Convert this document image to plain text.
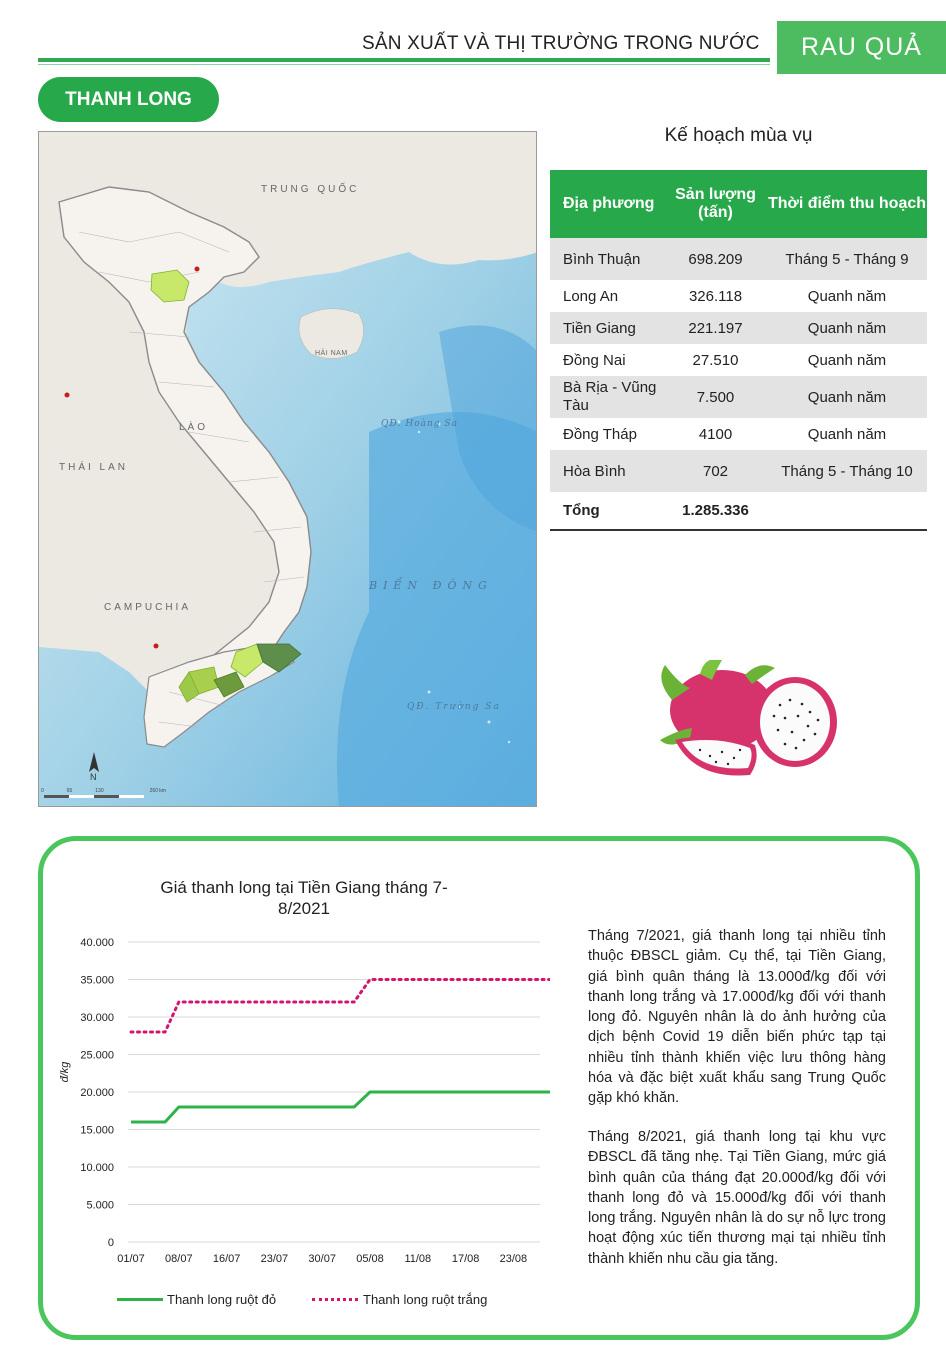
SẢN XUẤT VÀ THỊ TRƯỜNG TRONG NƯỚC	RAU QUẢ
THANH LONG
TRUNG QUỐC
HẢI NAM
THÁI LAN
LÀO
CAMPUCHIA
QĐ. Hoàng Sa
BIỂN ĐÔNG
QĐ. Trường Sa
N
0	65	130	260 km
Kế hoạch mùa vụ
Địa phương	Sản lượng (tấn)	Thời điểm thu hoạch
Bình Thuận	698.209	Tháng 5 - Tháng 9
Long An	326.118	Quanh năm
Tiền Giang	221.197	Quanh năm
Đồng Nai	27.510	Quanh năm
Bà Rịa - Vũng Tàu	7.500	Quanh năm
Đồng Tháp	4100	Quanh năm
Hòa Bình	702	Tháng 5 - Tháng 10
Tổng	1.285.336	
Giá thanh long tại Tiền Giang tháng 7-8/2021
0
5.000
10.000
15.000
20.000
25.000
30.000
35.000
40.000
01/07 08/07 16/07 23/07 30/07 05/08 11/08 17/08 23/08
đ/kg
Thanh long ruột đỏ	Thanh long ruột trắng
Tháng 7/2021, giá thanh long tại nhiều tỉnh thuộc ĐBSCL giảm. Cụ thể, tại Tiền Giang, giá bình quân tháng là 13.000đ/kg đối với thanh long trắng và 17.000đ/kg đối với thanh long đỏ. Nguyên nhân là do ảnh hưởng của dịch bệnh Covid 19 diễn biến phức tạp tại nhiều tỉnh thành khiến việc lưu thông hàng hóa và đặc biệt xuất khẩu sang Trung Quốc gặp khó khăn.
Tháng 8/2021, giá thanh long tại khu vực ĐBSCL đã tăng nhẹ. Tại Tiền Giang, mức giá bình quân của tháng đạt 20.000đ/kg đối với thanh long đỏ và 15.000đ/kg đối với thanh long trắng. Nguyên nhân là do sự nỗ lực trong hoạt động xúc tiến thương mại tại nhiều tỉnh thành khiến nhu cầu gia tăng.
